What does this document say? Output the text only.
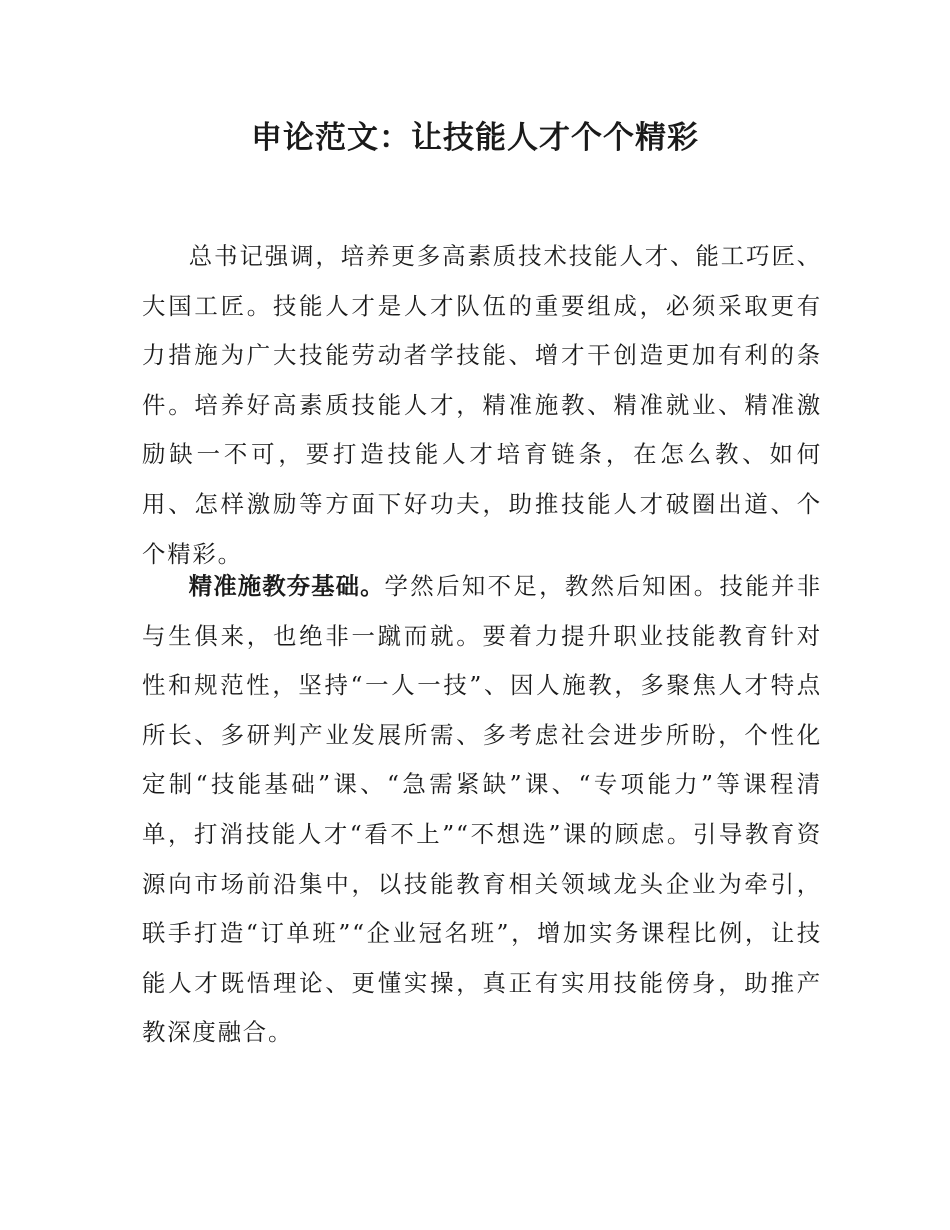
申论范文：让技能人才个个精彩

总书记强调，培养更多高素质技术技能人才、能工巧匠、大国工匠。技能人才是人才队伍的重要组成，必须采取更有力措施为广大技能劳动者学技能、增才干创造更加有利的条件。培养好高素质技能人才，精准施教、精准就业、精准激励缺一不可，要打造技能人才培育链条，在怎么教、如何用、怎样激励等方面下好功夫，助推技能人才破圈出道、个个精彩。

精准施教夯基础。学然后知不足，教然后知困。技能并非与生俱来，也绝非一蹴而就。要着力提升职业技能教育针对性和规范性，坚持“一人一技”、因人施教，多聚焦人才特点所长、多研判产业发展所需、多考虑社会进步所盼，个性化定制“技能基础”课、“急需紧缺”课、“专项能力”等课程清单，打消技能人才“看不上”“不想选”课的顾虑。引导教育资源向市场前沿集中，以技能教育相关领域龙头企业为牵引，联手打造“订单班”“企业冠名班”，增加实务课程比例，让技能人才既悟理论、更懂实操，真正有实用技能傍身，助推产教深度融合。
